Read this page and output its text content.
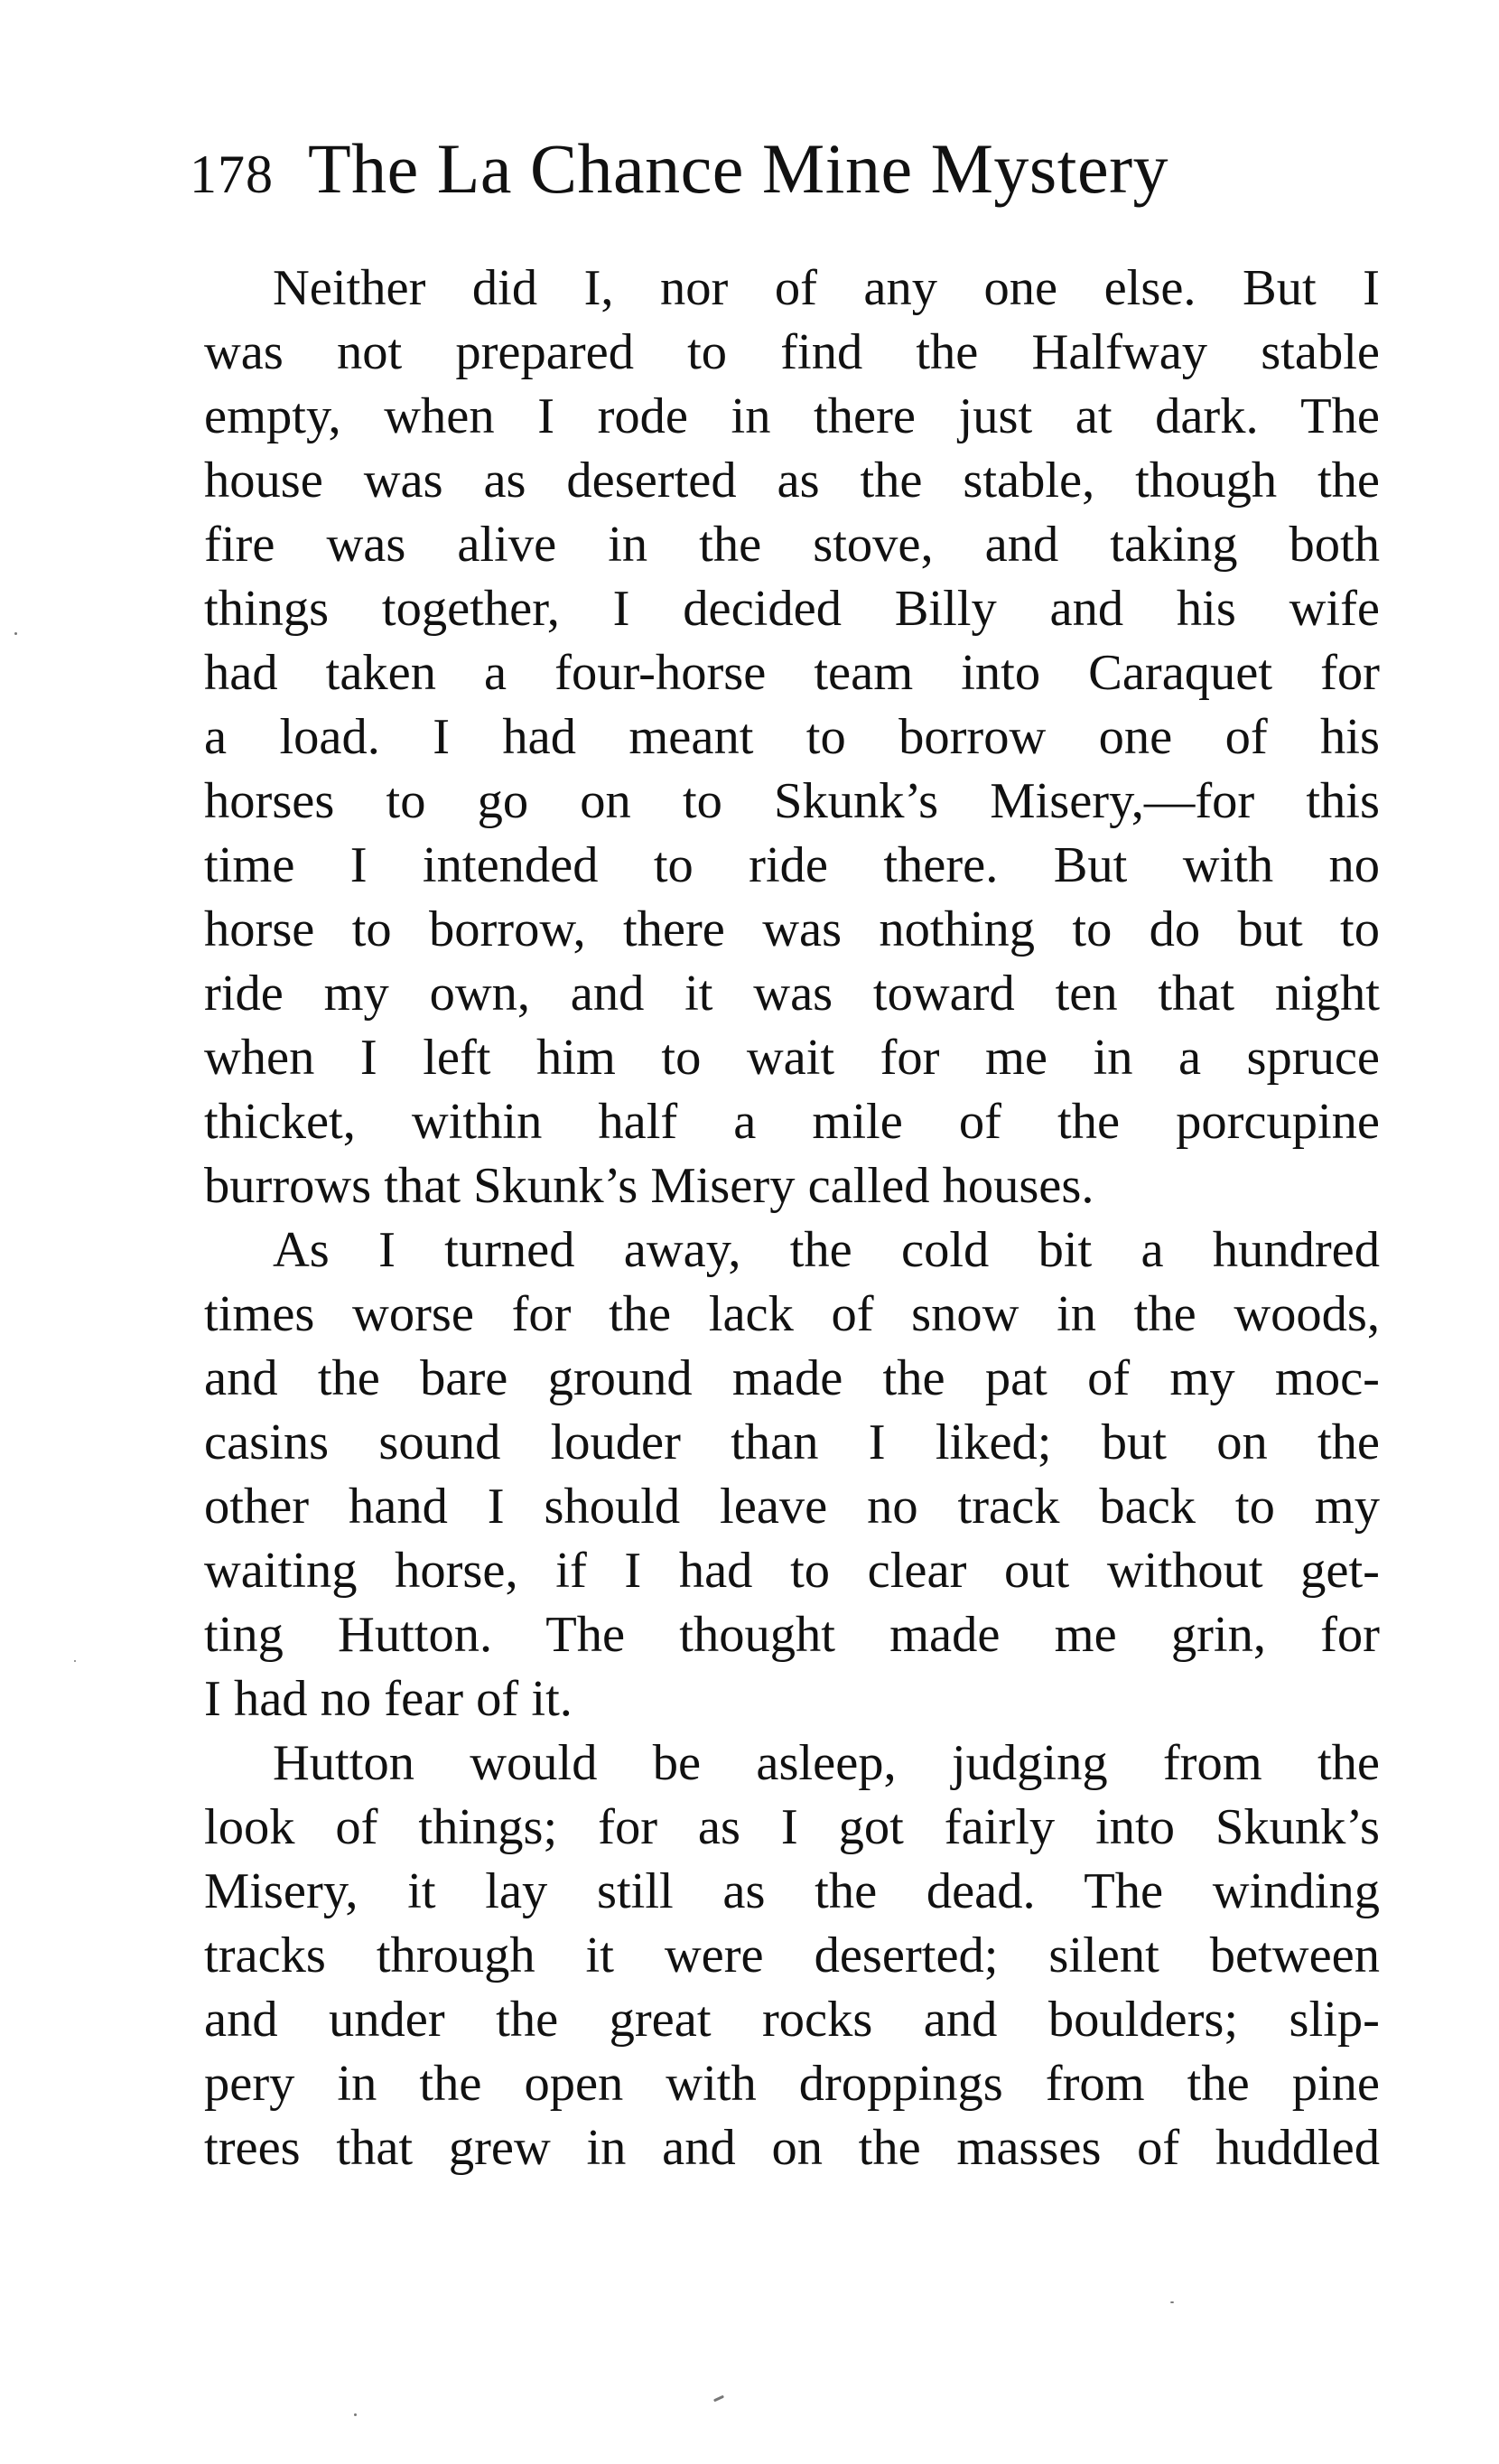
178 The La Chance Mine Mystery
Neither did I, nor of any one else. But I
was not prepared to find the Halfway stable
empty, when I rode in there just at dark. The
house was as deserted as the stable, though the
fire was alive in the stove, and taking both
things together, I decided Billy and his wife
had taken a four-horse team into Caraquet for
a load. I had meant to borrow one of his
horses to go on to Skunk’s Misery,—for this
time I intended to ride there. But with no
horse to borrow, there was nothing to do but to
ride my own, and it was toward ten that night
when I left him to wait for me in a spruce
thicket, within half a mile of the porcupine
burrows that Skunk’s Misery called houses.
As I turned away, the cold bit a hundred
times worse for the lack of snow in the woods,
and the bare ground made the pat of my moc-
casins sound louder than I liked; but on the
other hand I should leave no track back to my
waiting horse, if I had to clear out without get-
ting Hutton. The thought made me grin, for
I had no fear of it.
Hutton would be asleep, judging from the
look of things; for as I got fairly into Skunk’s
Misery, it lay still as the dead. The winding
tracks through it were deserted; silent between
and under the great rocks and boulders; slip-
pery in the open with droppings from the pine
trees that grew in and on the masses of huddled
